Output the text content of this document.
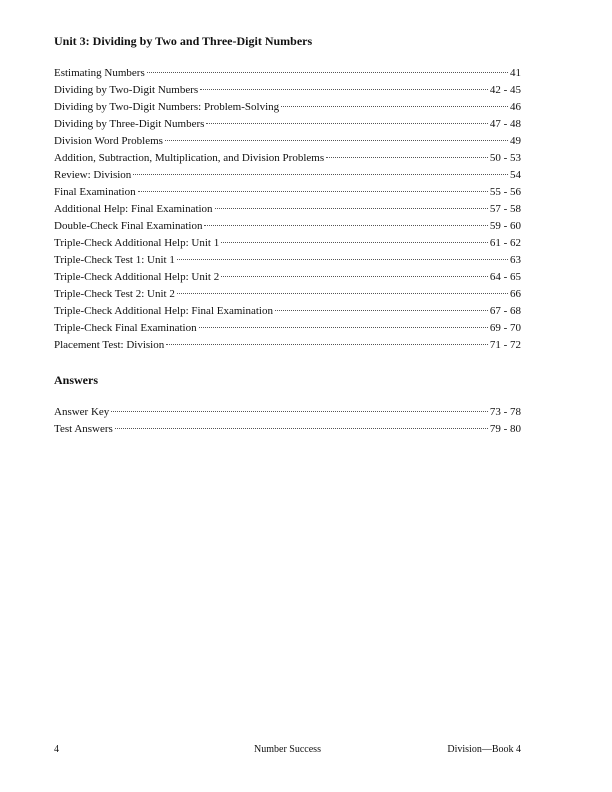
Unit 3: Dividing by Two and Three-Digit Numbers
Estimating Numbers	41
Dividing by Two-Digit Numbers	42 - 45
Dividing by Two-Digit Numbers: Problem-Solving	46
Dividing by Three-Digit Numbers	47 - 48
Division Word Problems	49
Addition, Subtraction, Multiplication, and Division Problems	50 - 53
Review: Division	54
Final Examination	55 - 56
Additional Help: Final Examination	57 - 58
Double-Check Final Examination	59 - 60
Triple-Check Additional Help: Unit 1	61 - 62
Triple-Check Test 1: Unit 1	63
Triple-Check Additional Help: Unit 2	64 - 65
Triple-Check Test 2: Unit 2	66
Triple-Check Additional Help: Final Examination	67 - 68
Triple-Check Final Examination	69 - 70
Placement Test: Division	71 - 72
Answers
Answer Key	73 - 78
Test Answers	79 - 80
4	Number Success	Division—Book 4
